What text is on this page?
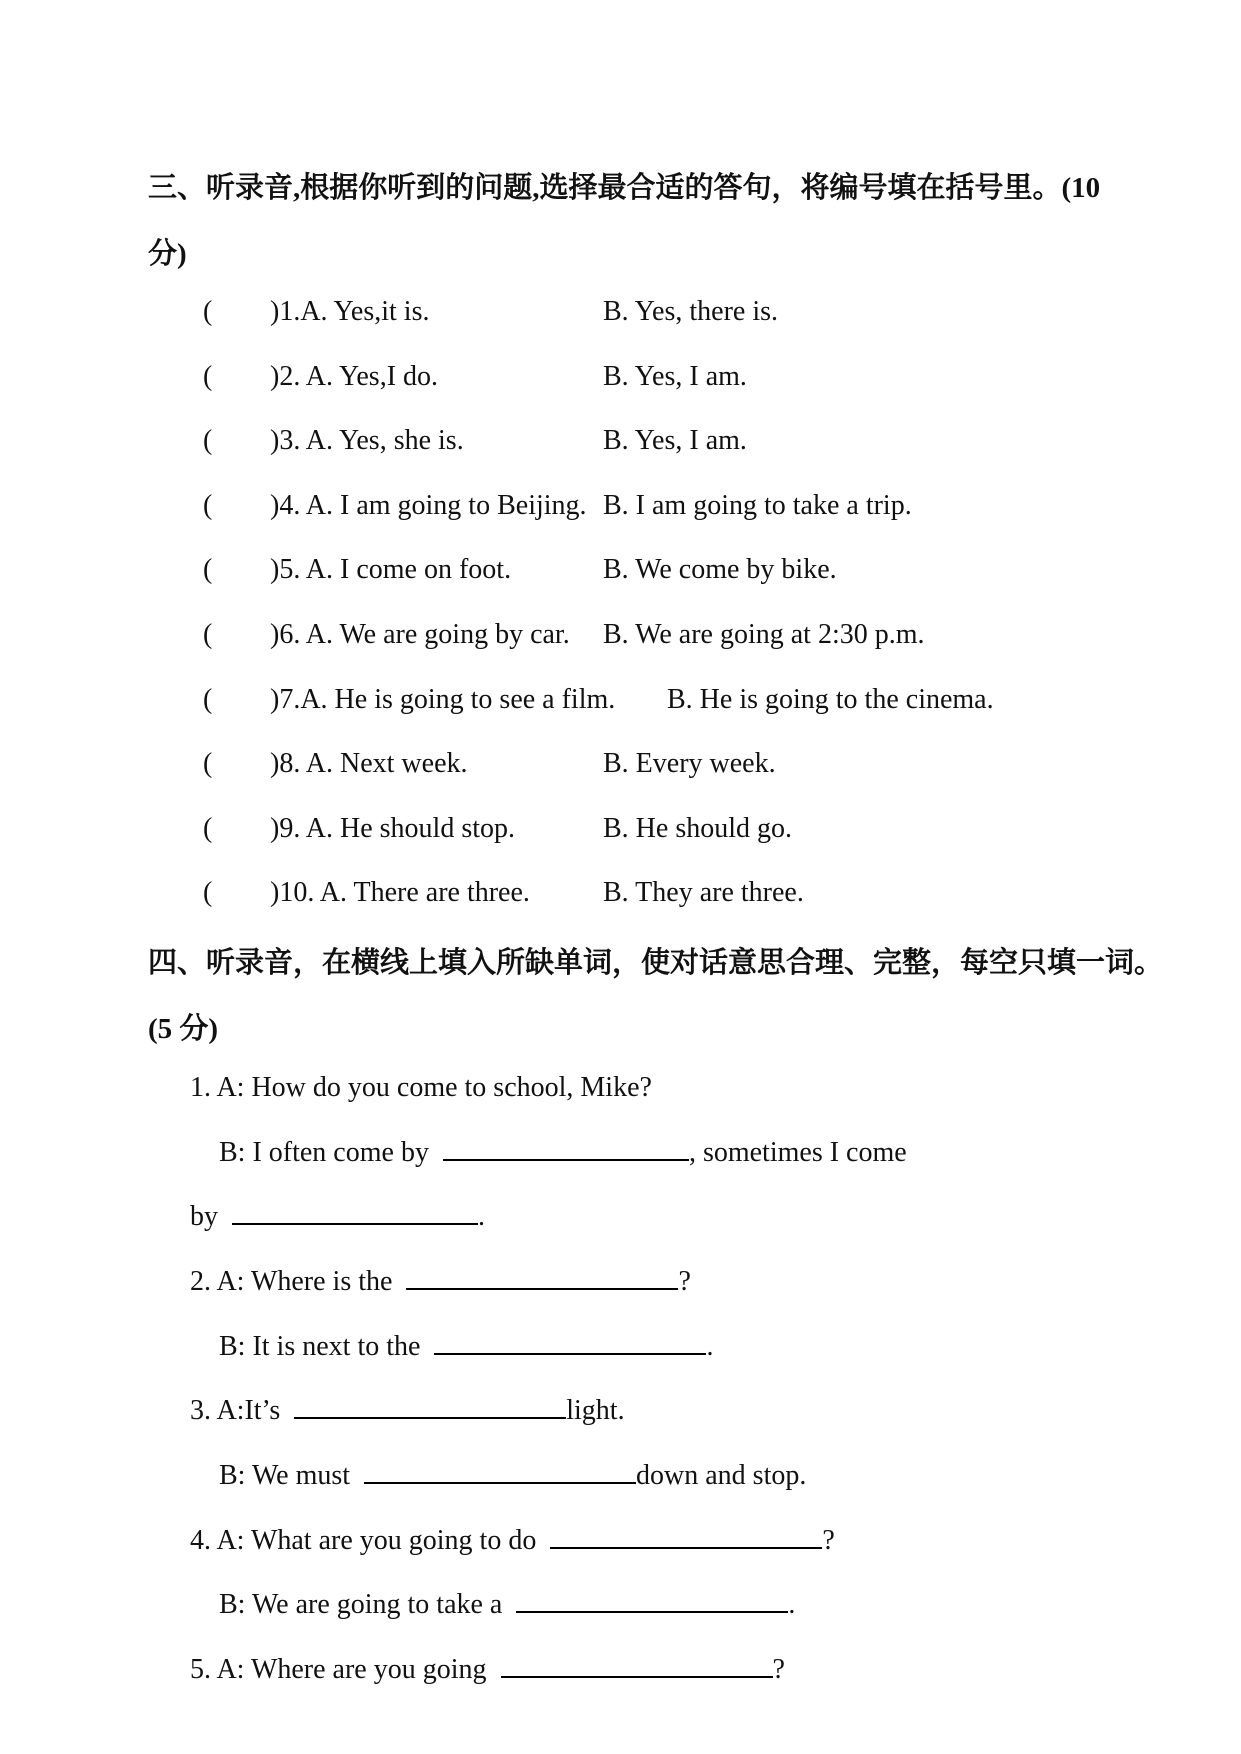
三、听录音,根据你听到的问题,选择最合适的答句，将编号填在括号里。(10
分)
( )1.A. Yes,it is.	B. Yes, there is.
( )2. A. Yes,I do.	B. Yes, I am.
( )3. A. Yes, she is.	B. Yes, I am.
( )4. A. I am going to Beijing. B. I am going to take a trip.
( )5. A. I come on foot.	B. We come by bike.
( )6. A. We are going by car. B. We are going at 2:30 p.m.
( )7.A. He is going to see a film. B. He is going to the cinema.
( )8. A. Next week.	B. Every week.
( )9. A. He should stop.	B. He should go.
( )10. A. There are three.	B. They are three.
四、听录音，在横线上填入所缺单词，使对话意思合理、完整，每空只填一词。
(5 分)
1. A: How do you come to school, Mike?
B: I often come by	, sometimes I come
by	.
2. A: Where is the	?
B: It is next to the	.
3. A:It’s	light.
B: We must	down and stop.
4. A: What are you going to do	?
B: We are going to take a	.
5. A: Where are you going	?
